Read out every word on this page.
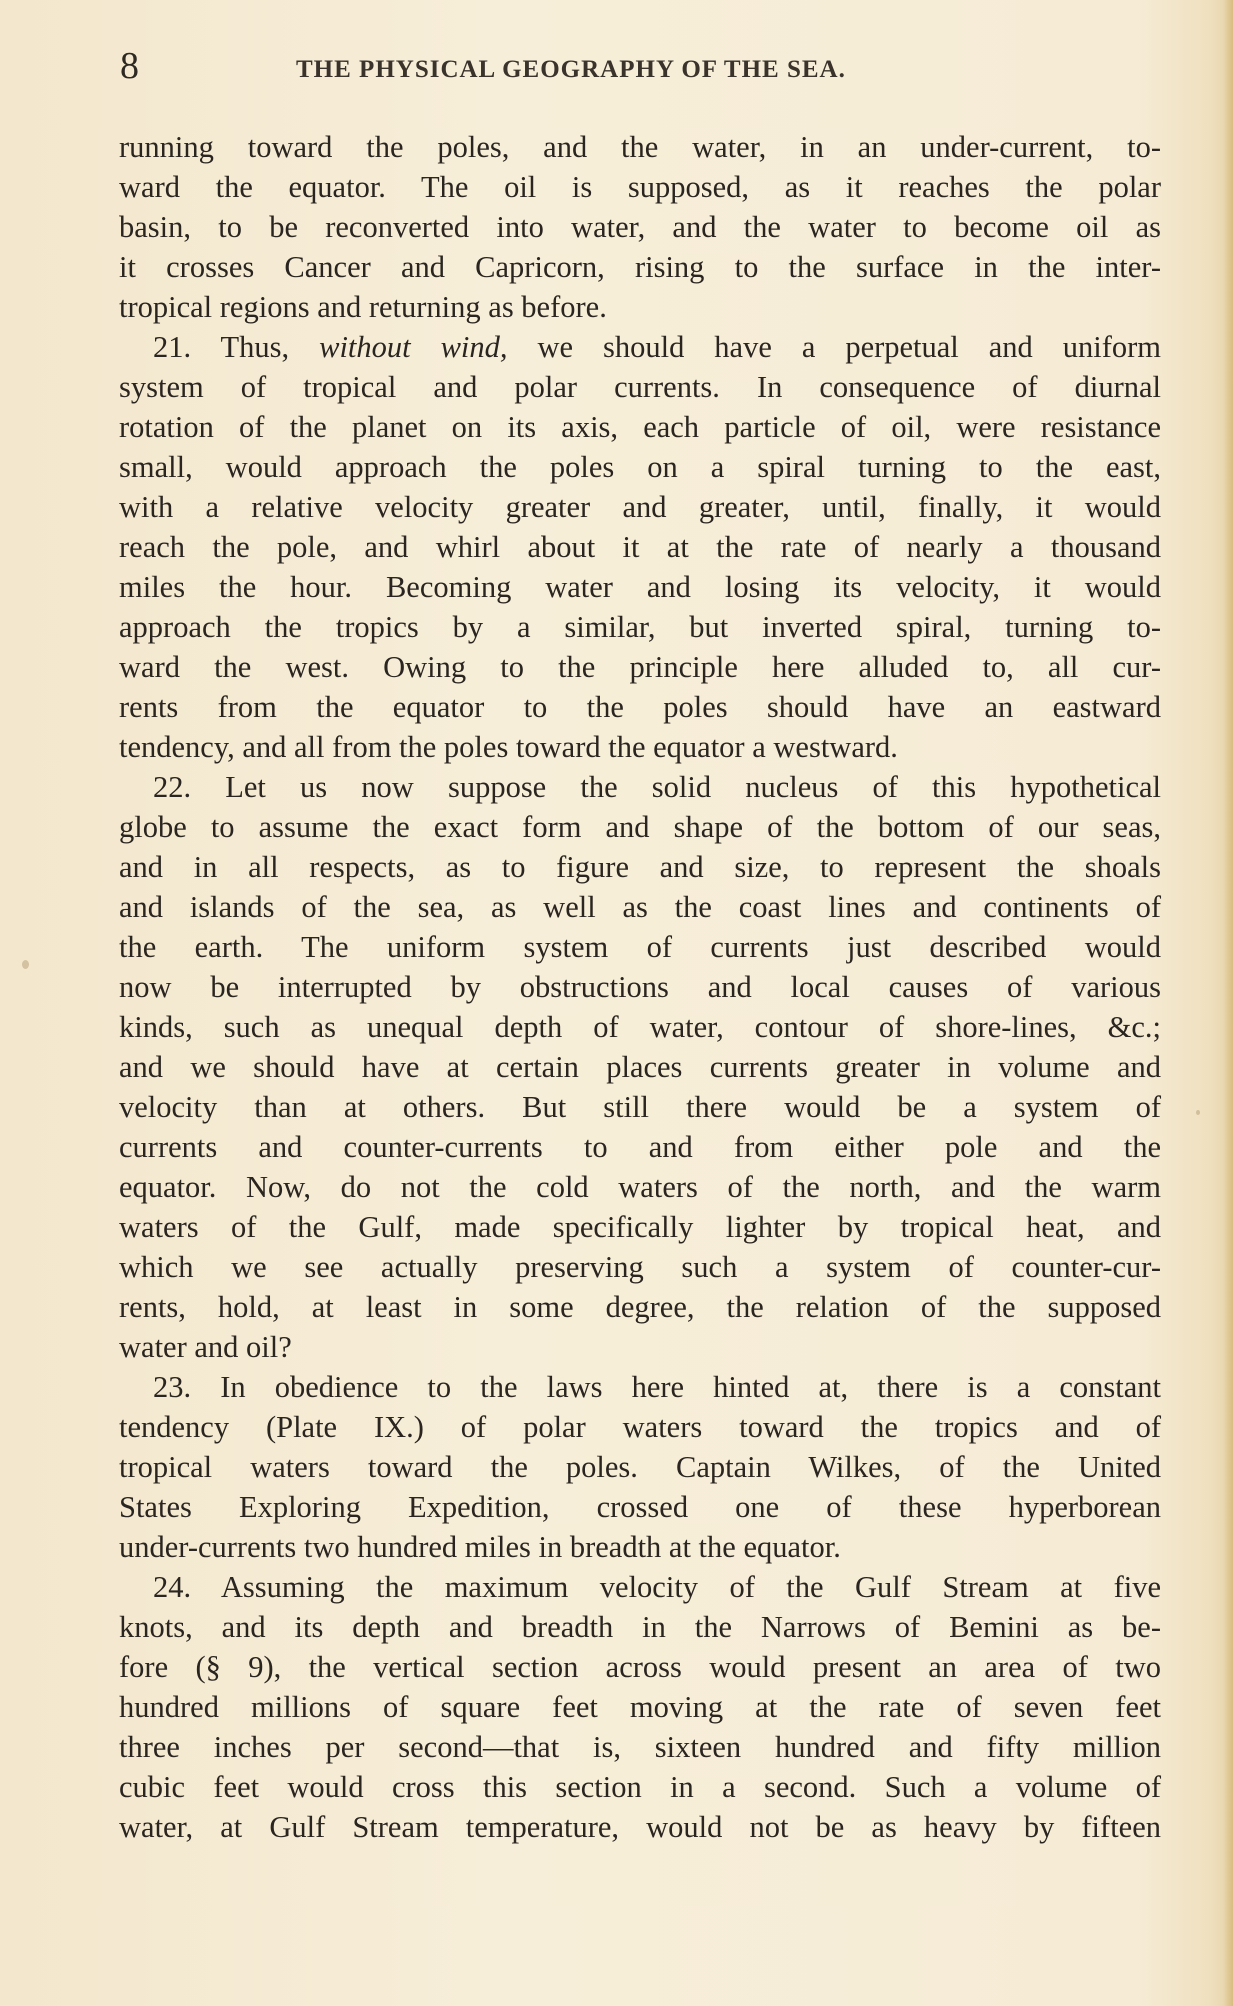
8	THE PHYSICAL GEOGRAPHY OF THE SEA.
running toward the poles, and the water, in an under-current, to-
ward the equator. The oil is supposed, as it reaches the polar
basin, to be reconverted into water, and the water to become oil as
it crosses Cancer and Capricorn, rising to the surface in the inter-
tropical regions and returning as before.
21. Thus, without wind, we should have a perpetual and uniform
system of tropical and polar currents. In consequence of diurnal
rotation of the planet on its axis, each particle of oil, were resistance
small, would approach the poles on a spiral turning to the east,
with a relative velocity greater and greater, until, finally, it would
reach the pole, and whirl about it at the rate of nearly a thousand
miles the hour. Becoming water and losing its velocity, it would
approach the tropics by a similar, but inverted spiral, turning to-
ward the west. Owing to the principle here alluded to, all cur-
rents from the equator to the poles should have an eastward
tendency, and all from the poles toward the equator a westward.
22. Let us now suppose the solid nucleus of this hypothetical
globe to assume the exact form and shape of the bottom of our seas,
and in all respects, as to figure and size, to represent the shoals
and islands of the sea, as well as the coast lines and continents of
the earth. The uniform system of currents just described would
now be interrupted by obstructions and local causes of various
kinds, such as unequal depth of water, contour of shore-lines, &c.;
and we should have at certain places currents greater in volume and
velocity than at others. But still there would be a system of
currents and counter-currents to and from either pole and the
equator. Now, do not the cold waters of the north, and the warm
waters of the Gulf, made specifically lighter by tropical heat, and
which we see actually preserving such a system of counter-cur-
rents, hold, at least in some degree, the relation of the supposed
water and oil?
23. In obedience to the laws here hinted at, there is a constant
tendency (Plate IX.) of polar waters toward the tropics and of
tropical waters toward the poles. Captain Wilkes, of the United
States Exploring Expedition, crossed one of these hyperborean
under-currents two hundred miles in breadth at the equator.
24. Assuming the maximum velocity of the Gulf Stream at five
knots, and its depth and breadth in the Narrows of Bemini as be-
fore (§ 9), the vertical section across would present an area of two
hundred millions of square feet moving at the rate of seven feet
three inches per second—that is, sixteen hundred and fifty million
cubic feet would cross this section in a second. Such a volume of
water, at Gulf Stream temperature, would not be as heavy by fifteen
